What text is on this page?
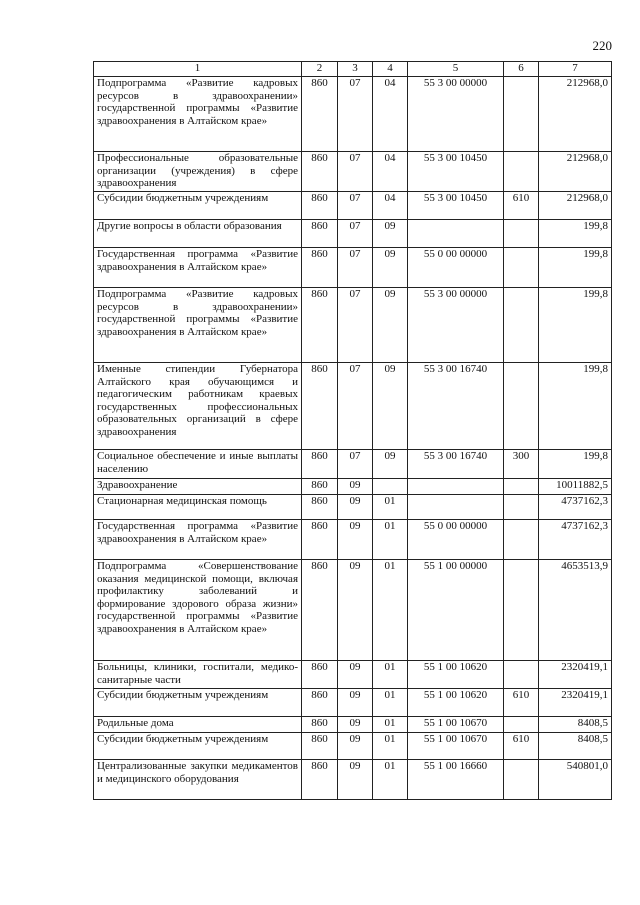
220
1	2	3	4	5	6	7
Подпрограмма «Развитие кадровых ресурсов в здравоохранении» государственной программы «Развитие здравоохранения в Алтайском крае»	860	07	04	55 3 00 00000		212968,0
Профессиональные образовательные организации (учреждения) в сфере здравоохранения	860	07	04	55 3 00 10450		212968,0
Субсидии бюджетным учреждениям	860	07	04	55 3 00 10450	610	212968,0
Другие вопросы в области образования	860	07	09			199,8
Государственная программа «Развитие здравоохранения в Алтайском крае»	860	07	09	55 0 00 00000		199,8
Подпрограмма «Развитие кадровых ресурсов в здравоохранении» государственной программы «Развитие здравоохранения в Алтайском крае»	860	07	09	55 3 00 00000		199,8
Именные стипендии Губернатора Алтайского края обучающимся и педагогическим работникам краевых государственных профессиональных образовательных организаций в сфере здравоохранения	860	07	09	55 3 00 16740		199,8
Социальное обеспечение и иные выплаты населению	860	07	09	55 3 00 16740	300	199,8
Здравоохранение	860	09				10011882,5
Стационарная медицинская помощь	860	09	01			4737162,3
Государственная программа «Развитие здравоохранения в Алтайском крае»	860	09	01	55 0 00 00000		4737162,3
Подпрограмма «Совершенствование оказания медицинской помощи, включая профилактику заболеваний и формирование здорового образа жизни» государственной программы «Развитие здравоохранения в Алтайском крае»	860	09	01	55 1 00 00000		4653513,9
Больницы, клиники, госпитали, медико-санитарные части	860	09	01	55 1 00 10620		2320419,1
Субсидии бюджетным учреждениям	860	09	01	55 1 00 10620	610	2320419,1
Родильные дома	860	09	01	55 1 00 10670		8408,5
Субсидии бюджетным учреждениям	860	09	01	55 1 00 10670	610	8408,5
Централизованные закупки медикаментов и медицинского оборудования	860	09	01	55 1 00 16660		540801,0
